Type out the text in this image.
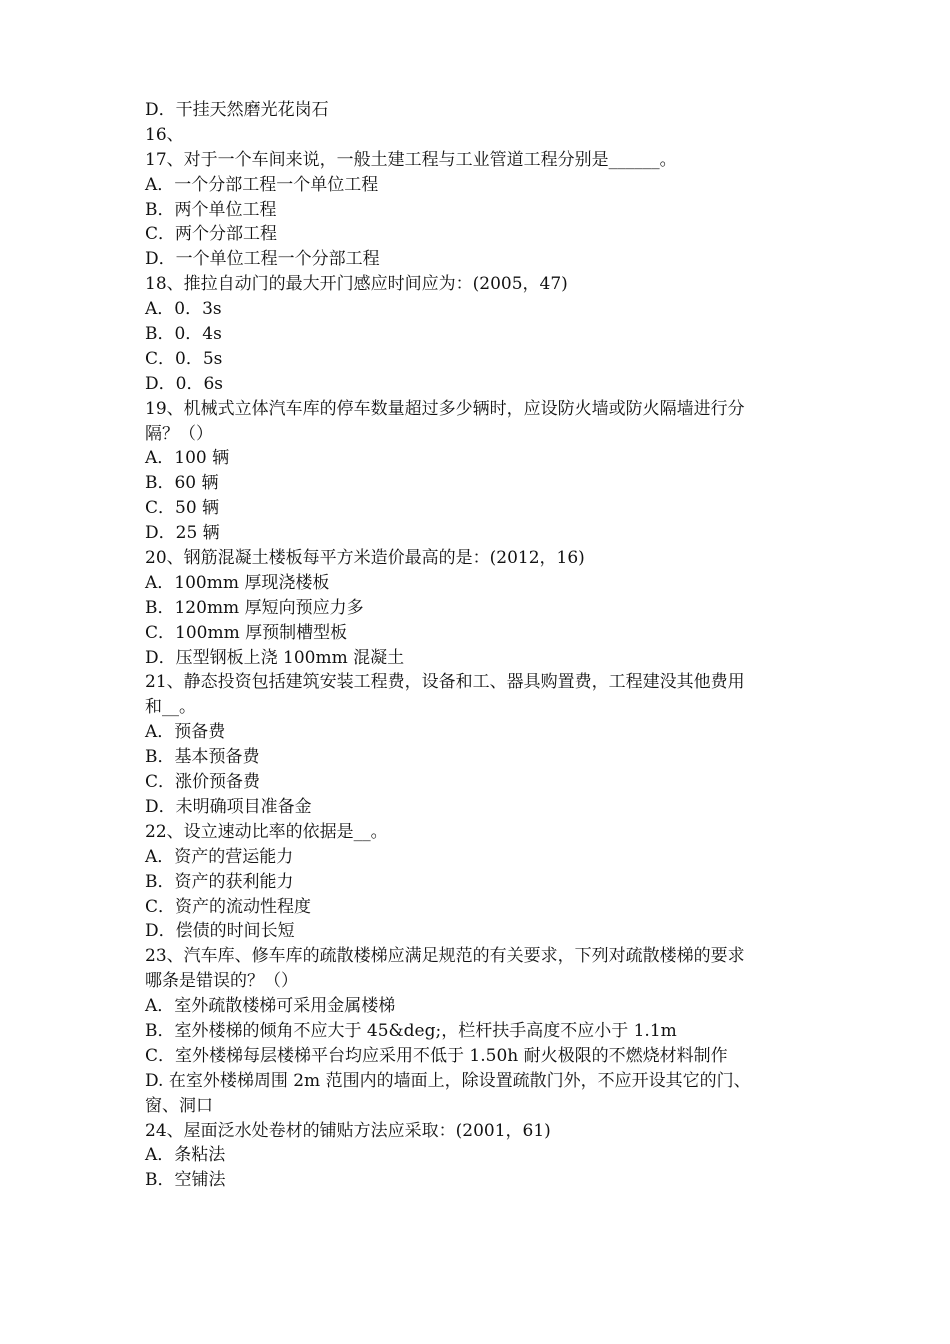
D．干挂天然磨光花岗石
16、
17、对于一个车间来说，一般土建工程与工业管道工程分别是______。
A．一个分部工程一个单位工程
B．两个单位工程
C．两个分部工程
D．一个单位工程一个分部工程
18、推拉自动门的最大开门感应时间应为：(2005，47)
A．0．3s
B．0．4s
C．0．5s
D．0．6s
19、机械式立体汽车库的停车数量超过多少辆时，应设防火墙或防火隔墙进行分
隔？（）
A．100 辆
B．60 辆
C．50 辆
D．25 辆
20、钢筋混凝土楼板每平方米造价最高的是：(2012，16)
A．100mm 厚现浇楼板
B．120mm 厚短向预应力多
C．100mm 厚预制槽型板
D．压型钢板上浇 100mm 混凝土
21、静态投资包括建筑安装工程费，设备和工、器具购置费，工程建没其他费用
和__。
A．预备费
B．基本预备费
C．涨价预备费
D．未明确项目准备金
22、设立速动比率的依据是__。
A．资产的营运能力
B．资产的获利能力
C．资产的流动性程度
D．偿债的时间长短
23、汽车库、修车库的疏散楼梯应满足规范的有关要求，下列对疏散楼梯的要求
哪条是错误的？（）
A．室外疏散楼梯可采用金属楼梯
B．室外楼梯的倾角不应大于 45&deg;，栏杆扶手高度不应小于 1.1m
C．室外楼梯每层楼梯平台均应采用不低于 1.50h 耐火极限的不燃烧材料制作
D. 在室外楼梯周围 2m 范围内的墙面上，除设置疏散门外，不应开设其它的门、
窗、洞口
24、屋面泛水处卷材的铺贴方法应采取：(2001，61)
A．条粘法
B．空铺法
